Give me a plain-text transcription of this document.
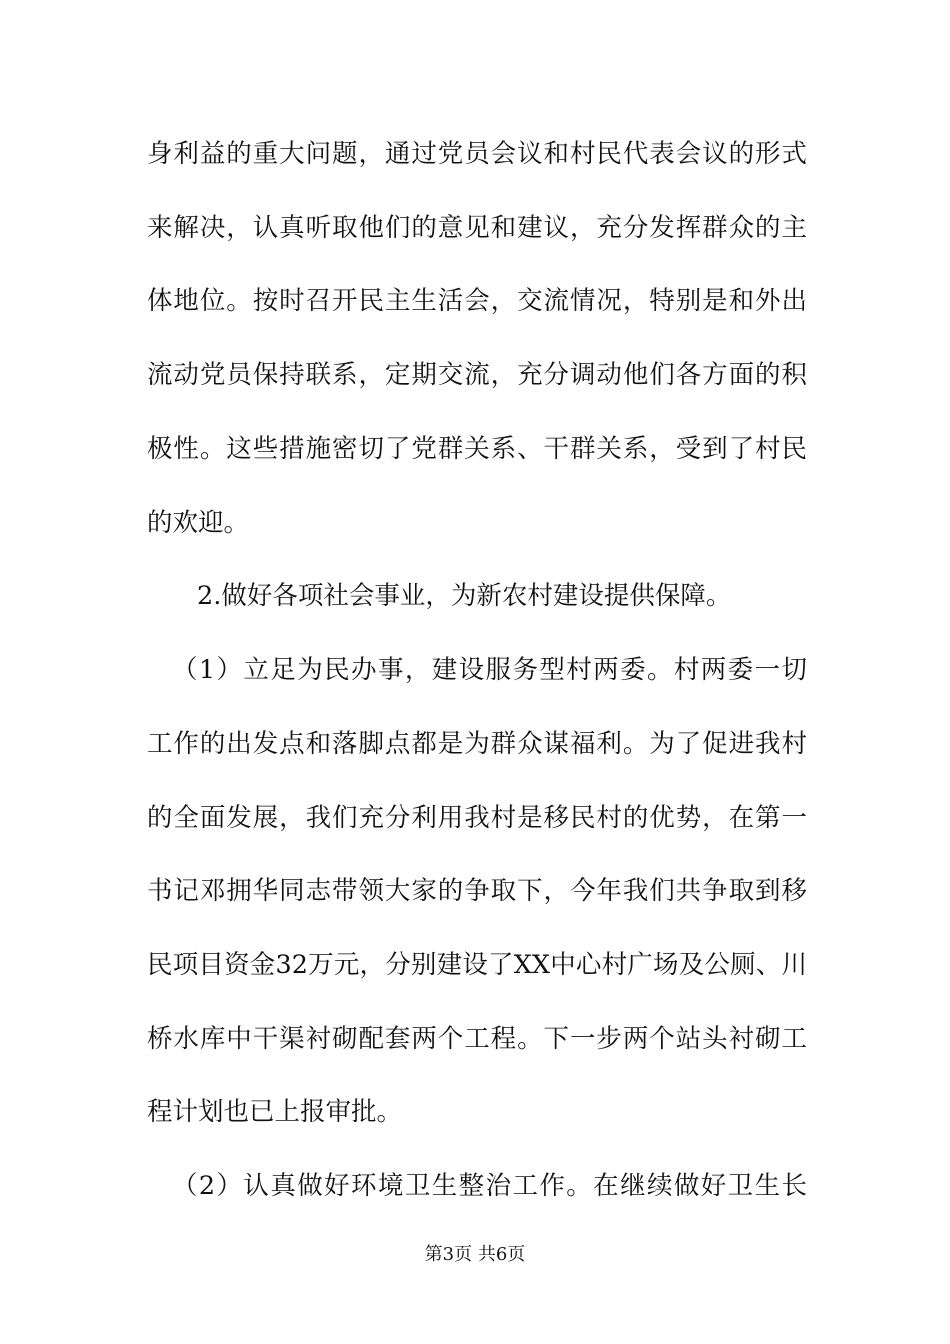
身利益的重大问题，通过党员会议和村民代表会议的形式
来解决，认真听取他们的意见和建议，充分发挥群众的主
体地位。按时召开民主生活会，交流情况，特别是和外出
流动党员保持联系，定期交流，充分调动他们各方面的积
极性。这些措施密切了党群关系、干群关系，受到了村民
的欢迎。
2.做好各项社会事业，为新农村建设提供保障。
（1）立足为民办事，建设服务型村两委。村两委一切
工作的出发点和落脚点都是为群众谋福利。为了促进我村
的全面发展，我们充分利用我村是移民村的优势，在第一
书记邓拥华同志带领大家的争取下，今年我们共争取到移
民项目资金32万元，分别建设了XX中心村广场及公厕、川
桥水库中干渠衬砌配套两个工程。下一步两个站头衬砌工
程计划也已上报审批。
（2）认真做好环境卫生整治工作。在继续做好卫生长
第3页 共6页
